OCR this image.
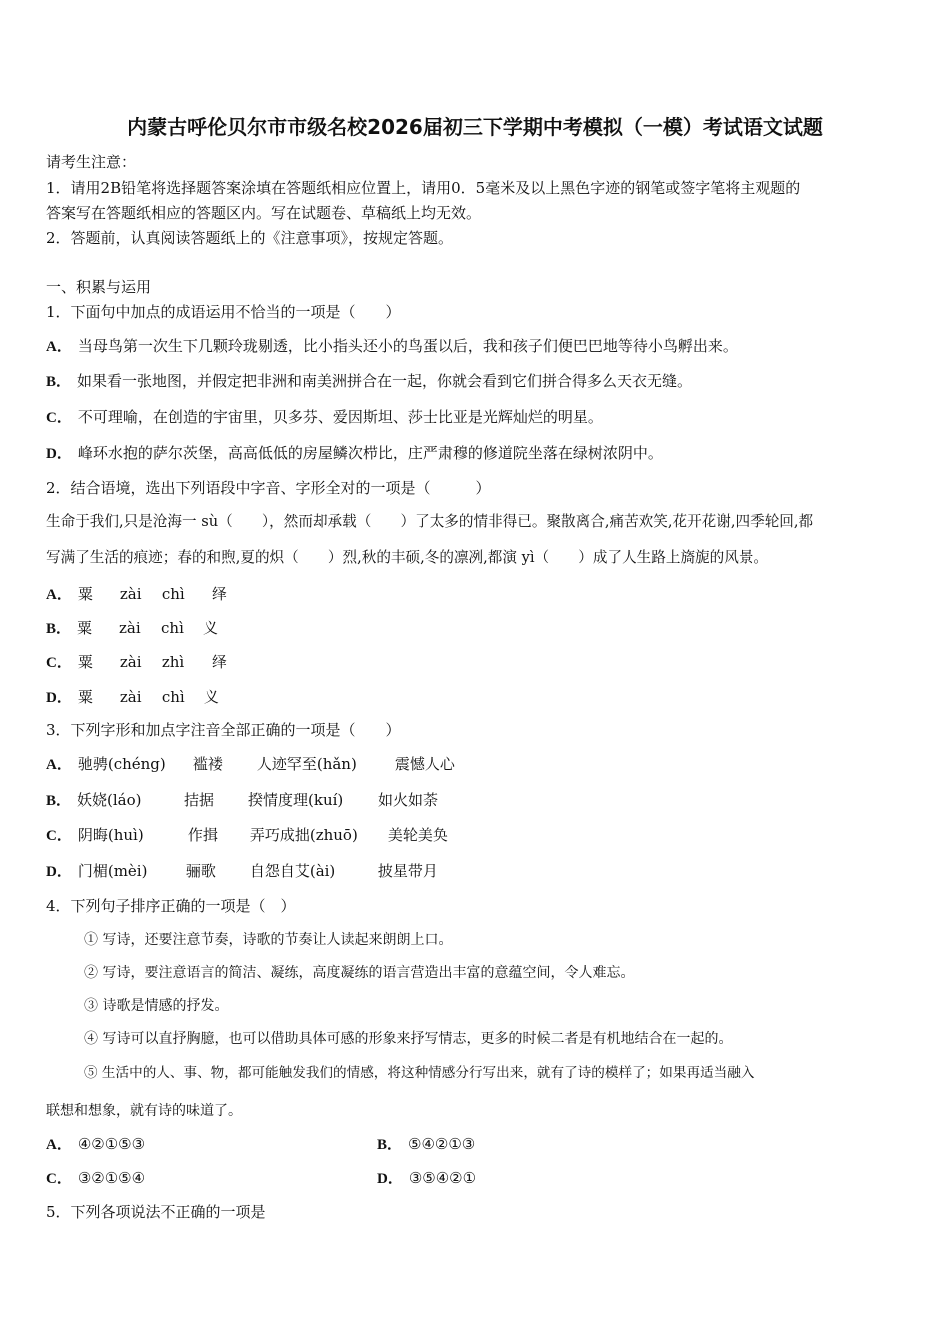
内蒙古呼伦贝尔市市级名校2026届初三下学期中考模拟（一模）考试语文试题
请考生注意：
1．请用2B铅笔将选择题答案涂填在答题纸相应位置上，请用0．5毫米及以上黑色字迹的钢笔或签字笔将主观题的
答案写在答题纸相应的答题区内。写在试题卷、草稿纸上均无效。
2．答题前，认真阅读答题纸上的《注意事项》，按规定答题。
一、积累与运用
1．下面句中加点的成语运用不恰当的一项是（　　）
A． 当母鸟第一次生下几颗玲珑剔透，比小指头还小的鸟蛋以后，我和孩子们便巴巴地等待小鸟孵出来。
B． 如果看一张地图，并假定把非洲和南美洲拼合在一起，你就会看到它们拼合得多么天衣无缝。
C． 不可理喻，在创造的宇宙里，贝多芬、爱因斯坦、莎士比亚是光辉灿烂的明星。
D． 峰环水抱的萨尔茨堡，高高低低的房屋鳞次栉比，庄严肃穆的修道院坐落在绿树浓阴中。
2．结合语境，选出下列语段中字音、字形全对的一项是（　　　）
生命于我们,只是沧海一 sù（　　），然而却承载（　　）了太多的情非得已。聚散离合,痛苦欢笑,花开花谢,四季轮回,都
写满了生活的痕迹；春的和煦,夏的炽（　　）烈,秋的丰硕,冬的凛冽,都演 yì（　　）成了人生路上旖旎的风景。
A． 粟 zài chì 绎
B． 粟 zài chì 义
C． 粟 zài zhì 绎
D． 粟 zài chì 义
3．下列字形和加点字注音全部正确的一项是（　　）
A． 驰骋(chéng) 褴褛 人迹罕至(hǎn)	震憾人心
B． 妖娆(láo)	拮据 揆情度理(kuí) 如火如荼
C． 阴晦(huì)	作揖 弄巧成拙(zhuō) 美轮美奂
D． 门楣(mèi)	骊歌 自怨自艾(ài)	披星带月
4．下列句子排序正确的一项是（　）
① 写诗，还要注意节奏，诗歌的节奏让人读起来朗朗上口。
② 写诗，要注意语言的简洁、凝练，高度凝练的语言营造出丰富的意蕴空间，令人难忘。
③ 诗歌是情感的抒发。
④ 写诗可以直抒胸臆，也可以借助具体可感的形象来抒写情志，更多的时候二者是有机地结合在一起的。
⑤ 生活中的人、事、物，都可能触发我们的情感，将这种情感分行写出来，就有了诗的模样了；如果再适当融入
联想和想象，就有诗的味道了。
A． ④②①⑤③	B． ⑤④②①③
C． ③②①⑤④	D． ③⑤④②①
5．下列各项说法不正确的一项是
